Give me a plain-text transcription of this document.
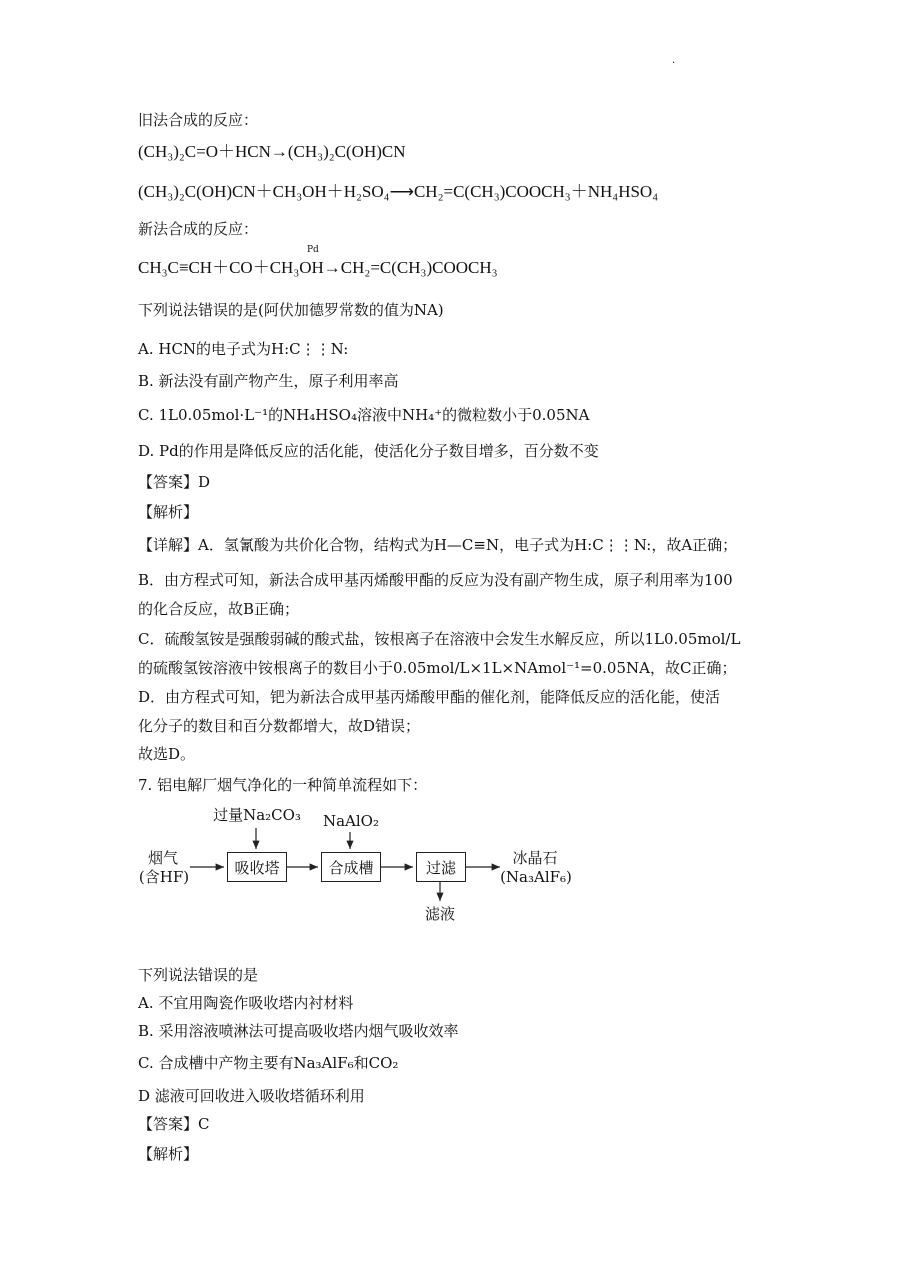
·
旧法合成的反应：
(CH₃)₂C=O＋HCN→(CH₃)₂C(OH)CN
(CH₃)₂C(OH)CN＋CH₃OH＋H₂SO₄⟶CH₂=C(CH₃)COOCH₃＋NH₄HSO₄
新法合成的反应：
Pd
CH₃C≡CH＋CO＋CH₃OH→CH₂=C(CH₃)COOCH₃
下列说法错误的是(阿伏加德罗常数的值为NA)
A. HCN的电子式为H:C⋮⋮N:
B. 新法没有副产物产生，原子利用率高
C. 1L0.05mol·L⁻¹的NH₄HSO₄溶液中NH₄⁺的微粒数小于0.05NA
D. Pd的作用是降低反应的活化能，使活化分子数目增多，百分数不变
【答案】D
【解析】
【详解】A．氢氰酸为共价化合物，结构式为H—C≡N，电子式为H:C⋮⋮N:，故A正确；
B．由方程式可知，新法合成甲基丙烯酸甲酯的反应为没有副产物生成，原子利用率为100
的化合反应，故B正确；
C．硫酸氢铵是强酸弱碱的酸式盐，铵根离子在溶液中会发生水解反应，所以1L0.05mol/L
的硫酸氢铵溶液中铵根离子的数目小于0.05mol/L×1L×NAmol⁻¹=0.05NA，故C正确；
D．由方程式可知，钯为新法合成甲基丙烯酸甲酯的催化剂，能降低反应的活化能，使活
化分子的数目和百分数都增大，故D错误；
故选D。
7. 铝电解厂烟气净化的一种简单流程如下：
烟气
(含HF)
过量Na₂CO₃ NaAlO₂
吸收塔	合成槽	过滤
冰晶石
(Na₃AlF₆)
滤液
下列说法错误的是
A. 不宜用陶瓷作吸收塔内衬材料
B. 采用溶液喷淋法可提高吸收塔内烟气吸收效率
C. 合成槽中产物主要有Na₃AlF₆和CO₂
D 滤液可回收进入吸收塔循环利用
【答案】C
【解析】
